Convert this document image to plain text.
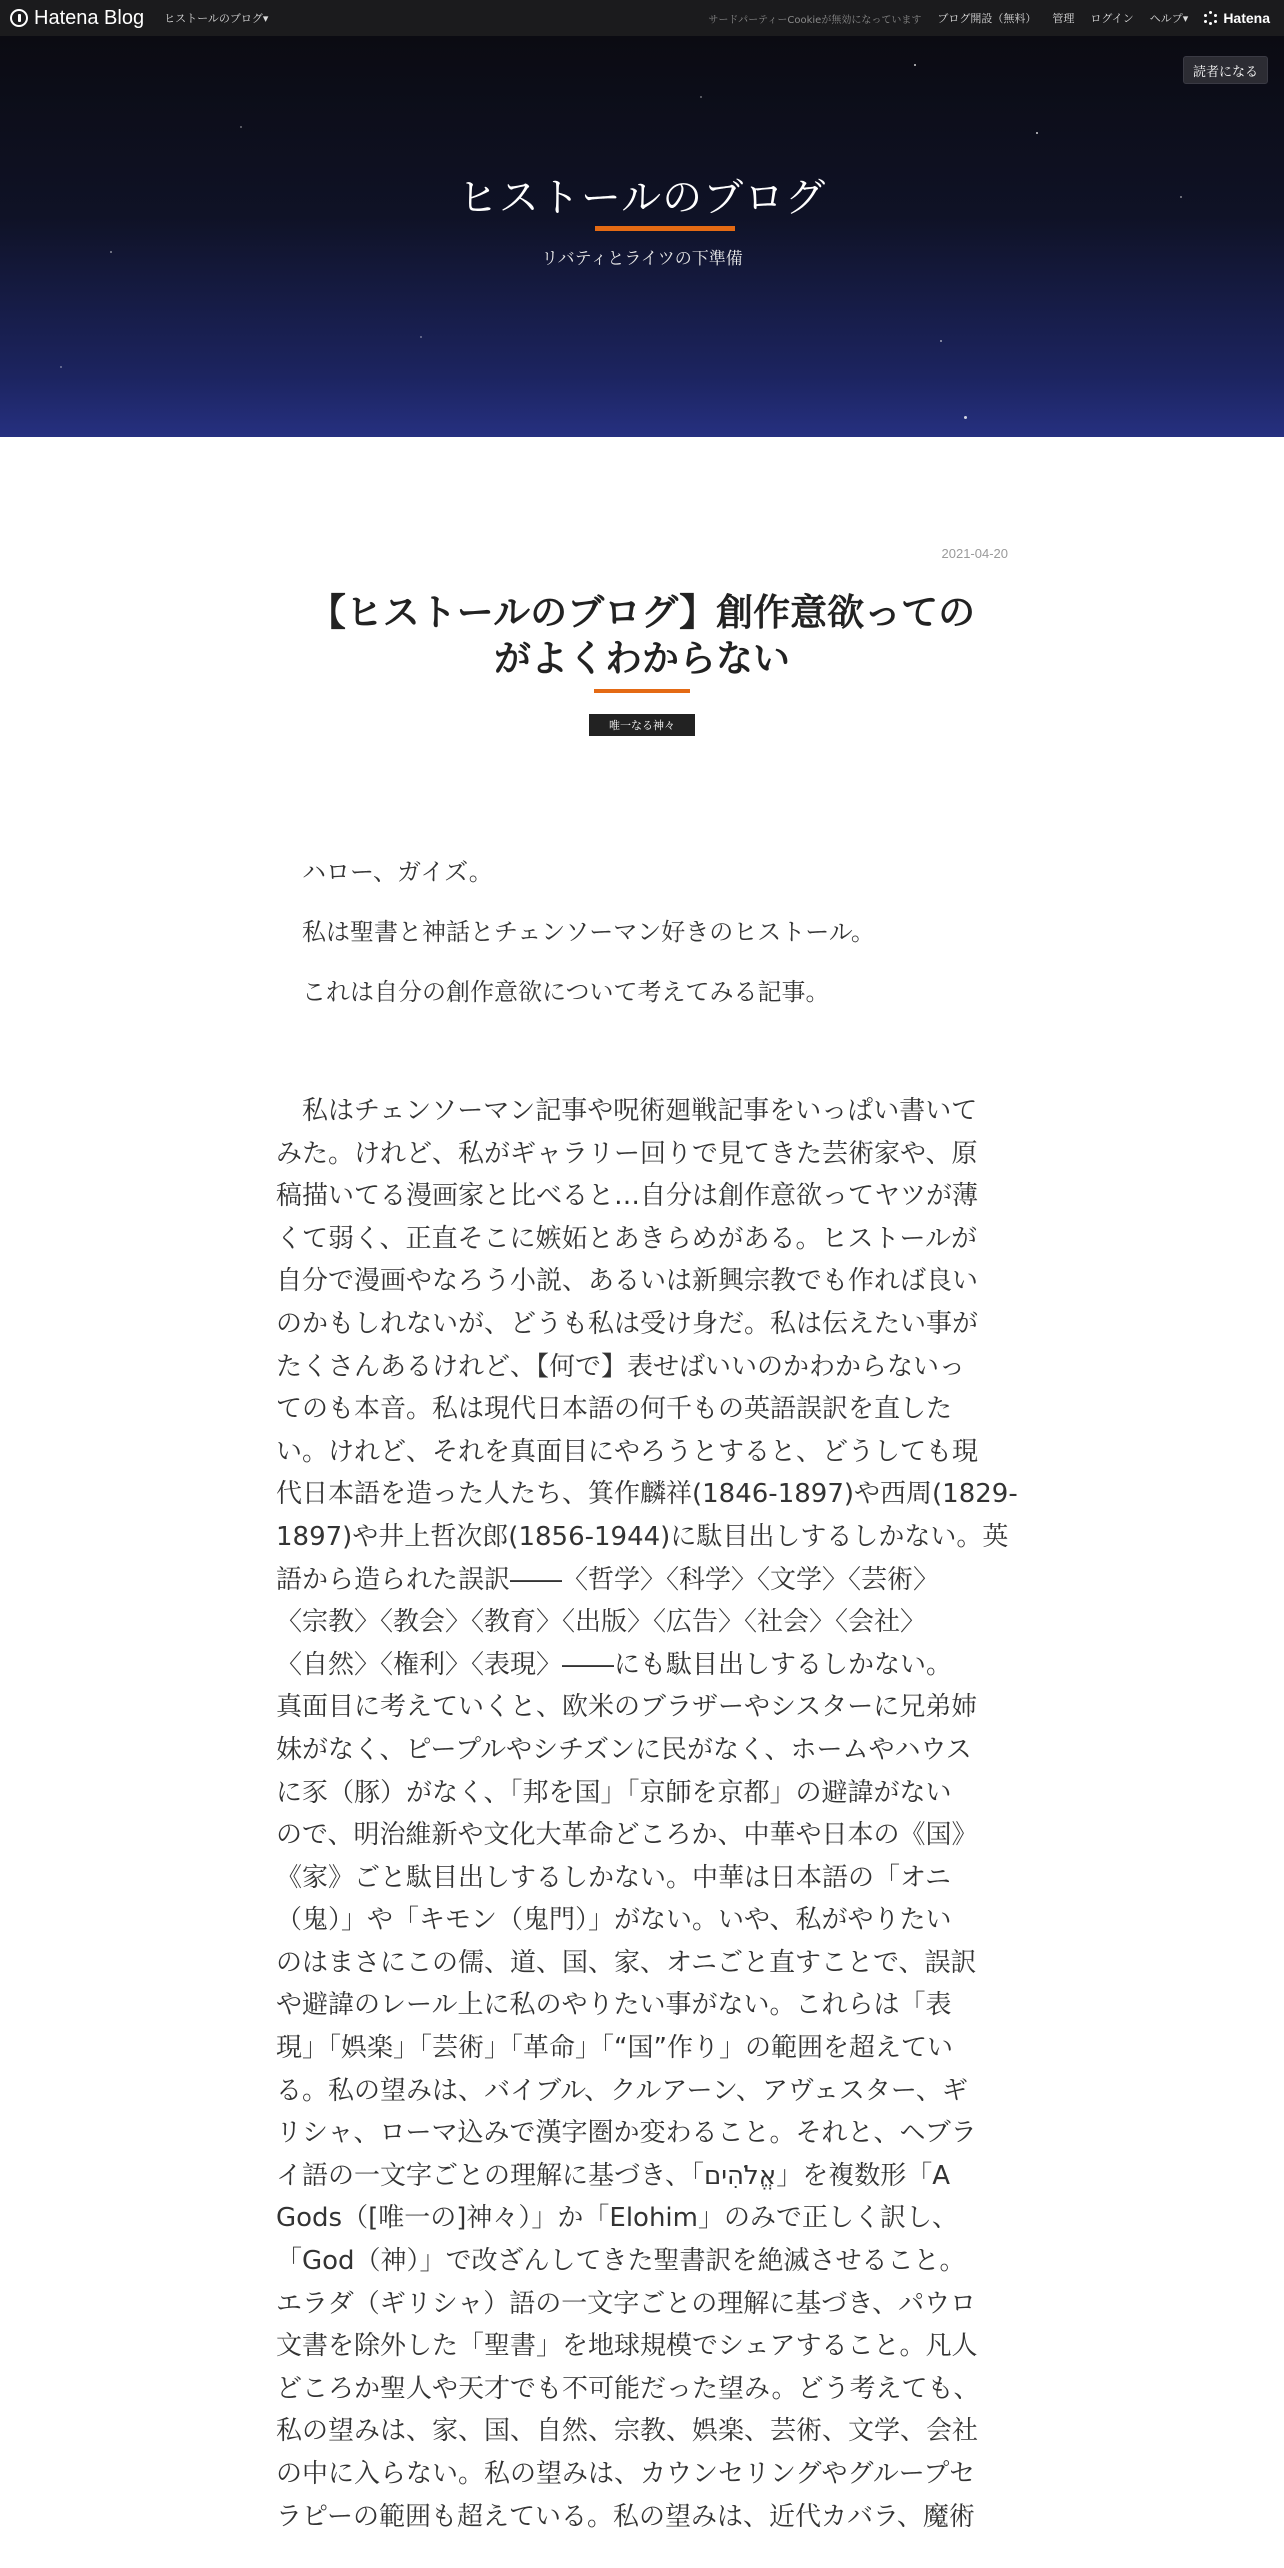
Hatena Blog ヒストールのブログ▾	サードパーティーCookieが無効になっています ブログ開設（無料） 管理 ログイン ヘルプ▾	Hatena
読者になる
ヒストールのブログ
リバティとライツの下準備
2021-04-20
【ヒストールのブログ】創作意欲っての
がよくわからない
唯一なる神々

ハロー、ガイズ。

私は聖書と神話とチェンソーマン好きのヒストール。

これは自分の創作意欲について考えてみる記事。

　私はチェンソーマン記事や呪術廻戦記事をいっぱい書いて
みた。けれど、私がギャラリー回りで見てきた芸術家や、原
稿描いてる漫画家と比べると…自分は創作意欲ってヤツが薄
くて弱く、正直そこに嫉妬とあきらめがある。ヒストールが
自分で漫画やなろう小説、あるいは新興宗教でも作れば良い
のかもしれないが、どうも私は受け身だ。私は伝えたい事が
たくさんあるけれど、【何で】表せばいいのかわからないっ
てのも本音。私は現代日本語の何千もの英語誤訳を直した
い。けれど、それを真面目にやろうとすると、どうしても現
代日本語を造った人たち、箕作麟祥(1846-1897)や西周(1829-
1897)や井上哲次郎(1856-1944)に駄目出しするしかない。英
語から造られた誤訳――〈哲学〉〈科学〉〈文学〉〈芸術〉
〈宗教〉〈教会〉〈教育〉〈出版〉〈広告〉〈社会〉〈会社〉
〈自然〉〈権利〉〈表現〉――にも駄目出しするしかない。
真面目に考えていくと、欧米のブラザーやシスターに兄弟姉
妹がなく、ピープルやシチズンに民がなく、ホームやハウス
に豕（豚）がなく、「邦を国」「京師を京都」の避諱がない
ので、明治維新や文化大革命どころか、中華や日本の《国》
《家》ごと駄目出しするしかない。中華は日本語の「オニ
（鬼）」や「キモン（鬼門）」がない。いや、私がやりたい
のはまさにこの儒、道、国、家、オニごと直すことで、誤訳
や避諱のレール上に私のやりたい事がない。これらは「表
現」「娯楽」「芸術」「革命」「“国”作り」の範囲を超えてい
る。私の望みは、バイブル、クルアーン、アヴェスター、ギ
リシャ、ローマ込みで漢字圏か変わること。それと、ヘブラ
イ語の一文字ごとの理解に基づき、「אֱלֹהִים」を複数形「A
Gods（[唯一の]神々）」か「Elohim」のみで正しく訳し、
「God（神）」で改ざんしてきた聖書訳を絶滅させること。
エラダ（ギリシャ）語の一文字ごとの理解に基づき、パウロ
文書を除外した「聖書」を地球規模でシェアすること。凡人
どころか聖人や天才でも不可能だった望み。どう考えても、
私の望みは、家、国、自然、宗教、娯楽、芸術、文学、会社
の中に入らない。私の望みは、カウンセリングやグループセ
ラピーの範囲も超えている。私の望みは、近代カバラ、魔術
